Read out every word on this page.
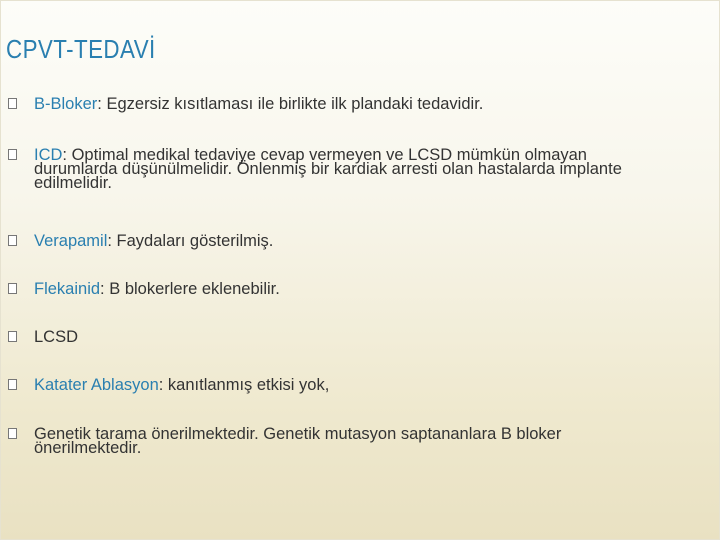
CPVT-TEDAVİ
B-Bloker: Egzersiz kısıtlaması ile birlikte ilk plandaki tedavidir.
ICD: Optimal medikal tedaviye cevap vermeyen ve LCSD mümkün olmayan durumlarda düşünülmelidir. Önlenmiş bir kardiak arresti olan hastalarda implante edilmelidir.
Verapamil: Faydaları gösterilmiş.
Flekainid: B blokerlere eklenebilir.
LCSD
Katater Ablasyon: kanıtlanmış etkisi yok,
Genetik tarama önerilmektedir. Genetik mutasyon saptananlara B bloker önerilmektedir.
